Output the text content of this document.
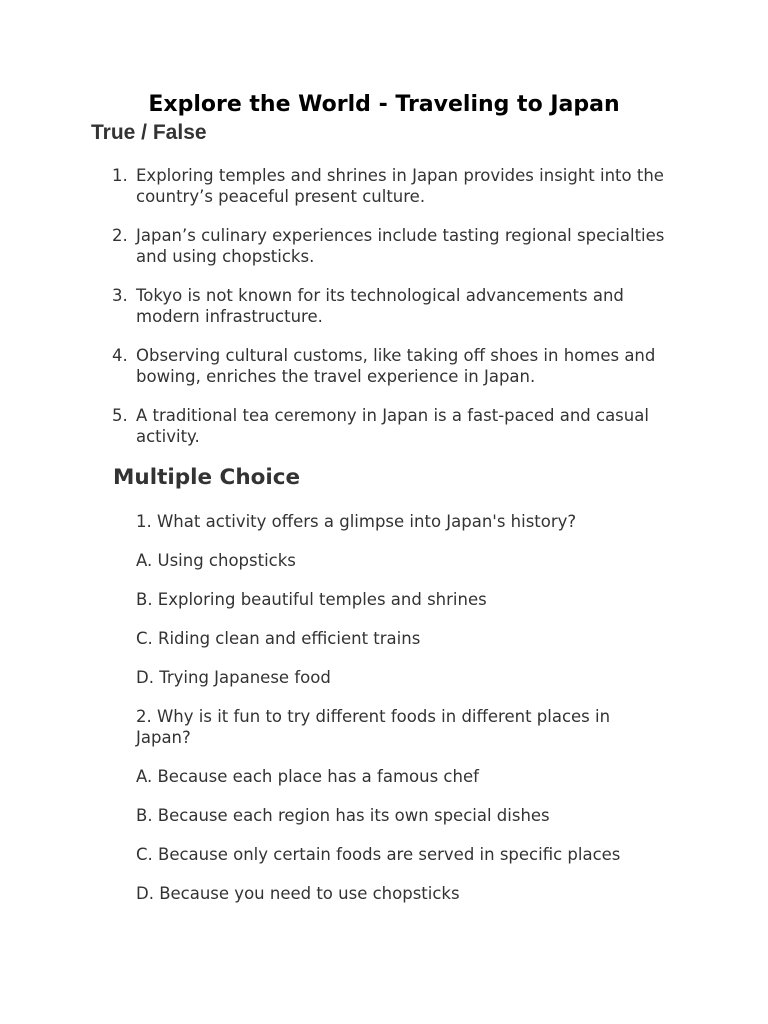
Explore the World - Traveling to Japan
True / False
1. Exploring temples and shrines in Japan provides insight into the country’s peaceful present culture.
2. Japan’s culinary experiences include tasting regional specialties and using chopsticks.
3. Tokyo is not known for its technological advancements and modern infrastructure.
4. Observing cultural customs, like taking off shoes in homes and bowing, enriches the travel experience in Japan.
5. A traditional tea ceremony in Japan is a fast-paced and casual activity.
Multiple Choice

1. What activity offers a glimpse into Japan's history?

A. Using chopsticks

B. Exploring beautiful temples and shrines

C. Riding clean and efficient trains

D. Trying Japanese food

2. Why is it fun to try different foods in different places in Japan?

A. Because each place has a famous chef

B. Because each region has its own special dishes

C. Because only certain foods are served in specific places

D. Because you need to use chopsticks
